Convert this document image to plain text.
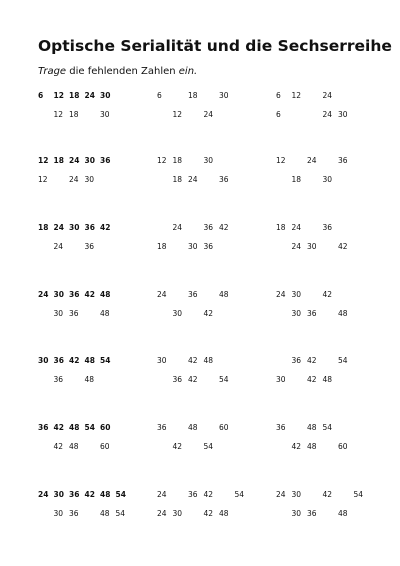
Optische Serialität und die Sechserreihe
Trage die fehlenden Zahlen ein.
6 12 18 24 30
12 18	30
6	18	30
12	24
6 12	24
6	24 30
12 18 24 30 36
12	24 30
12 18	30
18 24	36
12	24	36
18	30
18 24 30 36 42
24	36
24	36 42
18	30 36
18 24	36
24 30	42
24 30 36 42 48
30 36	48
24	36	48
30	42
24 30	42
30 36	48
30 36 42 48 54
36	48
30	42 48
36 42	54
36 42	54
30	42 48
36 42 48 54 60
42 48	60
36	48	60
42	54
36	48 54
42 48	60
24 30 36 42 48 54
30 36	48 54
24	36 42	54
24 30	42 48
24 30	42	54
30 36	48
